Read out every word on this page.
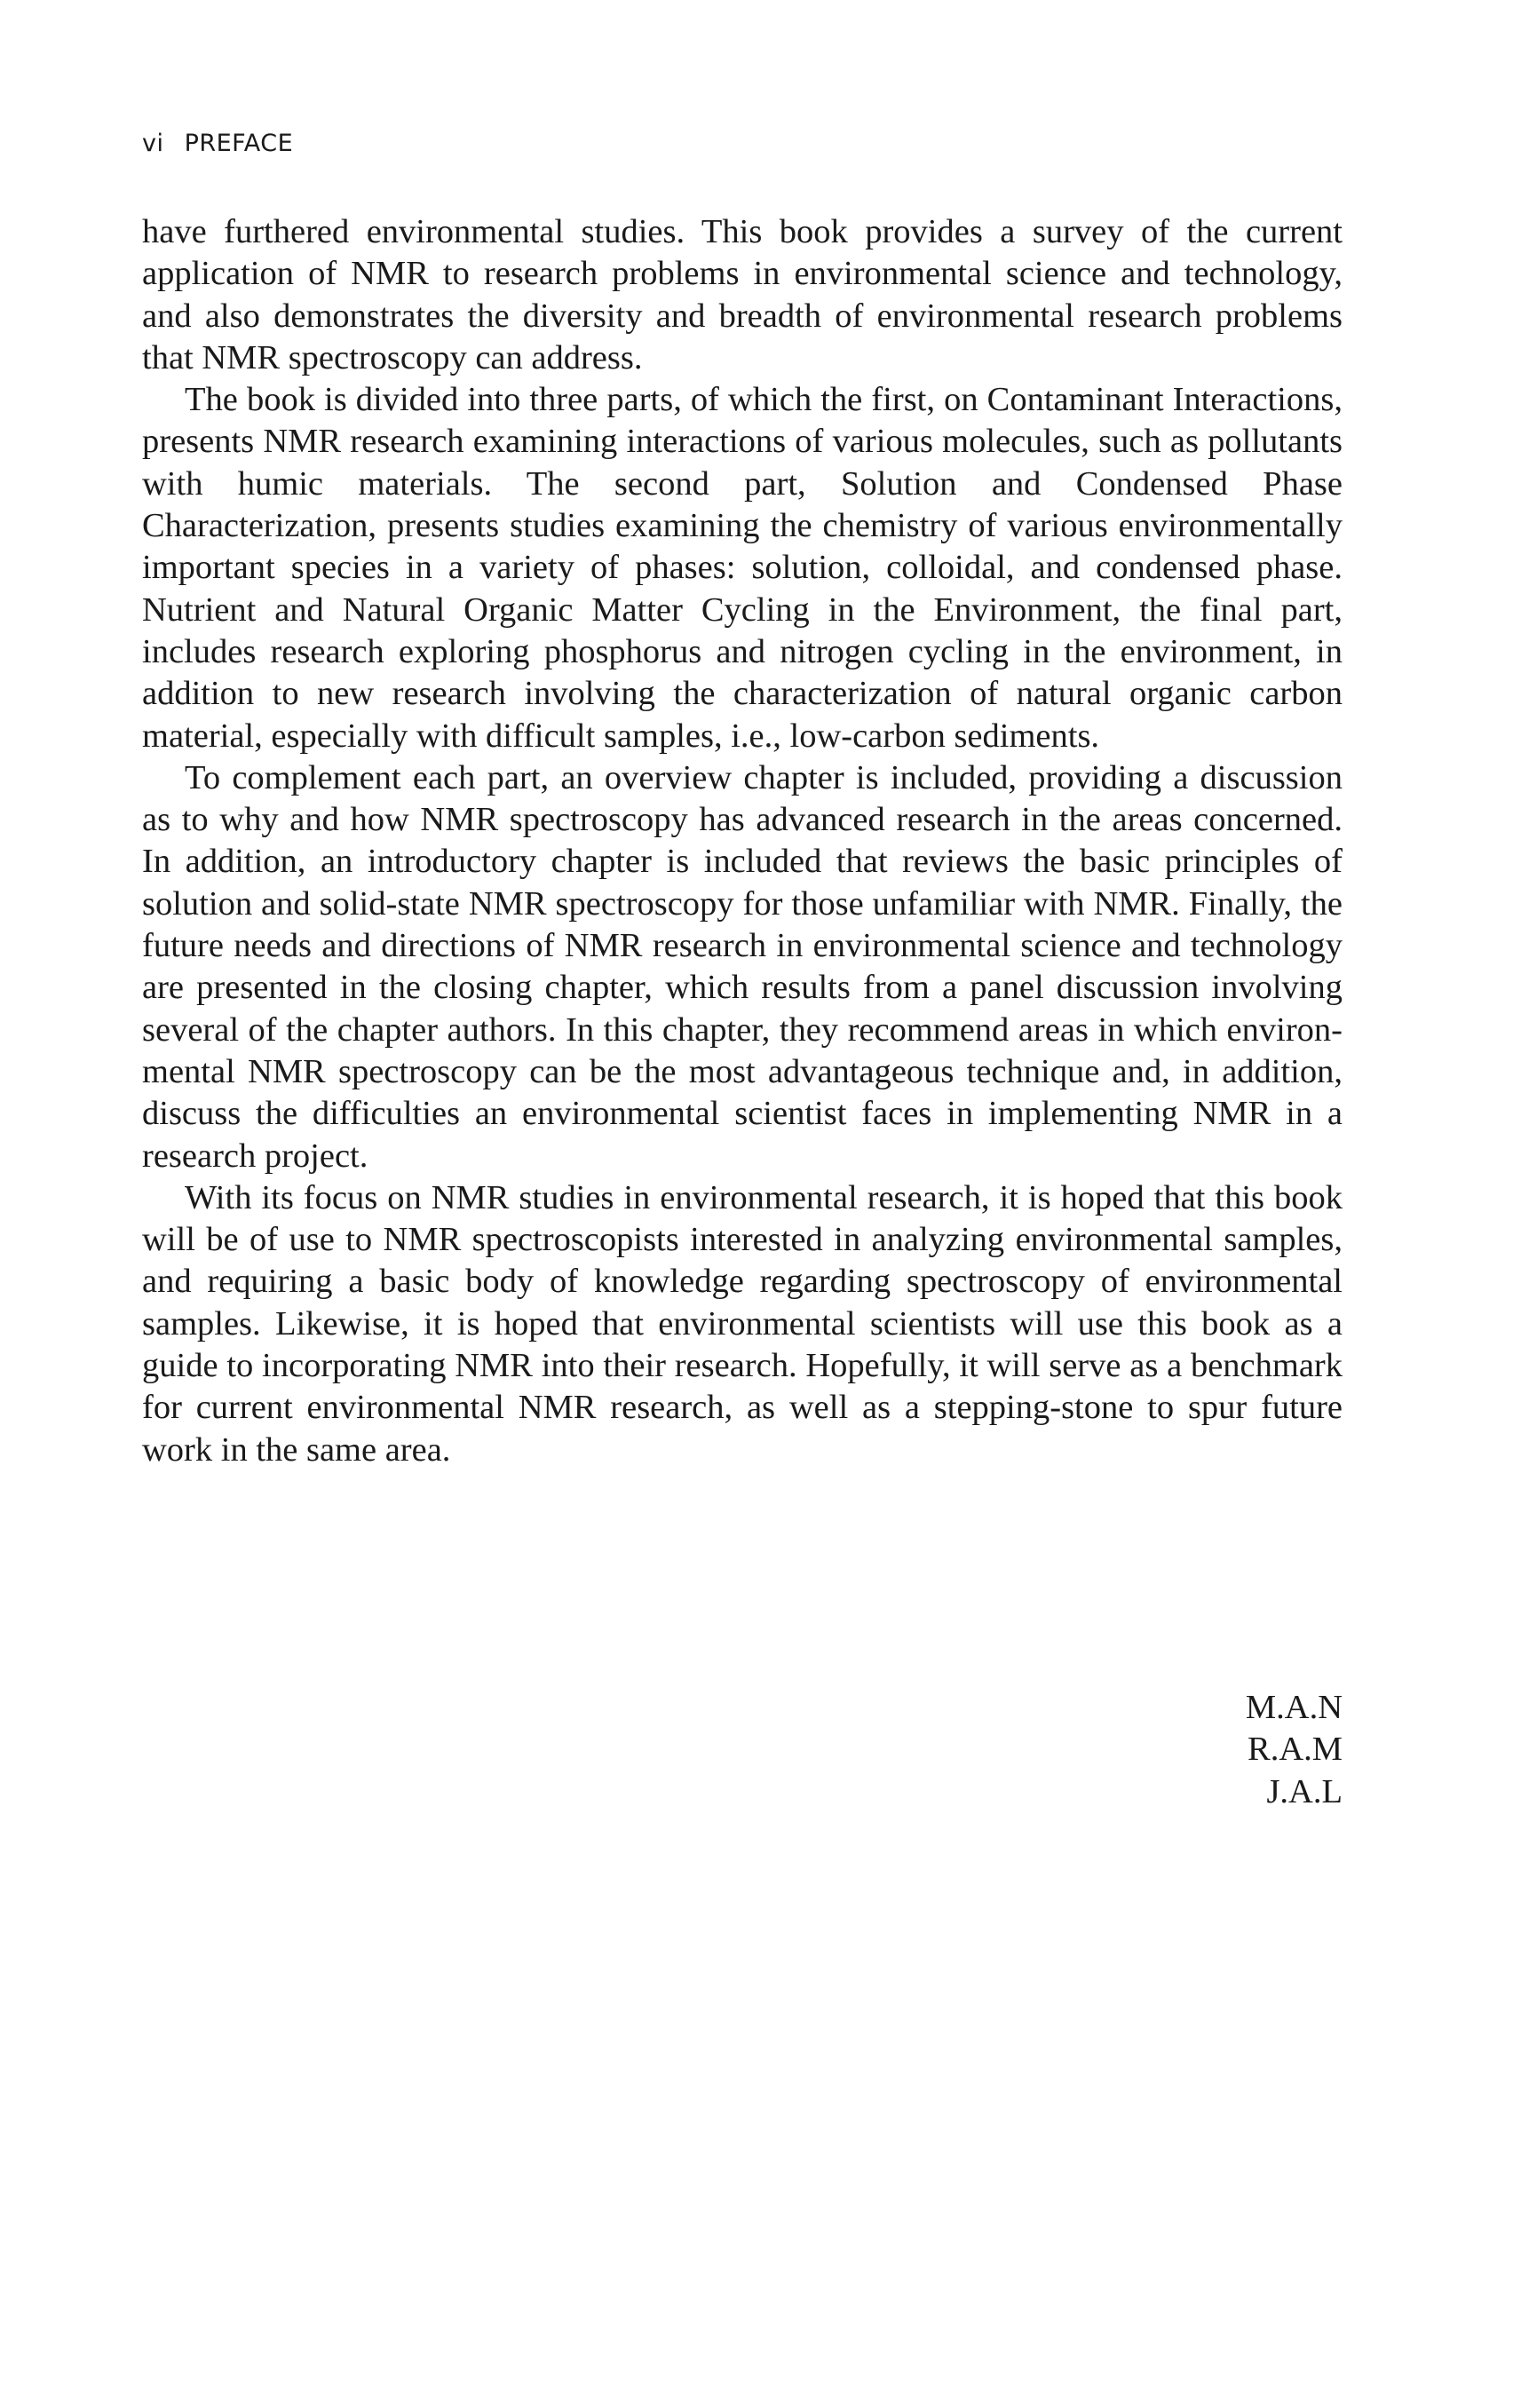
vi PREFACE

have furthered environmental studies. This book provides a survey of the current application of NMR to research problems in environmental science and technology, and also demonstrates the diversity and breadth of environmental research problems that NMR spectroscopy can address.

The book is divided into three parts, of which the first, on Contaminant Interactions, presents NMR research examining interactions of various molecules, such as pollutants with humic materials. The second part, Solution and Condensed Phase Characterization, presents studies examining the chemistry of various environmentally important species in a variety of phases: solution, colloidal, and condensed phase. Nutrient and Natural Organic Matter Cycling in the Environment, the final part, includes research exploring phosphorus and nitrogen cycling in the environment, in addition to new research involving the characterization of natural organic carbon material, especially with difficult samples, i.e., low-carbon sediments.

To complement each part, an overview chapter is included, providing a discussion as to why and how NMR spectroscopy has advanced research in the areas concerned. In addition, an introductory chapter is included that reviews the basic principles of solution and solid-state NMR spectroscopy for those unfamiliar with NMR. Finally, the future needs and directions of NMR research in environmental science and technology are presented in the closing chapter, which results from a panel discussion involving several of the chapter authors. In this chapter, they recommend areas in which environmental NMR spectroscopy can be the most advantageous technique and, in addition, discuss the difficulties an environmental scientist faces in implementing NMR in a research project.

With its focus on NMR studies in environmental research, it is hoped that this book will be of use to NMR spectroscopists interested in analyzing environmental samples, and requiring a basic body of knowledge regarding spectroscopy of environmental samples. Likewise, it is hoped that environmental scientists will use this book as a guide to incorporating NMR into their research. Hopefully, it will serve as a benchmark for current environmental NMR research, as well as a stepping-stone to spur future work in the same area.

M.A.N
R.A.M
J.A.L
